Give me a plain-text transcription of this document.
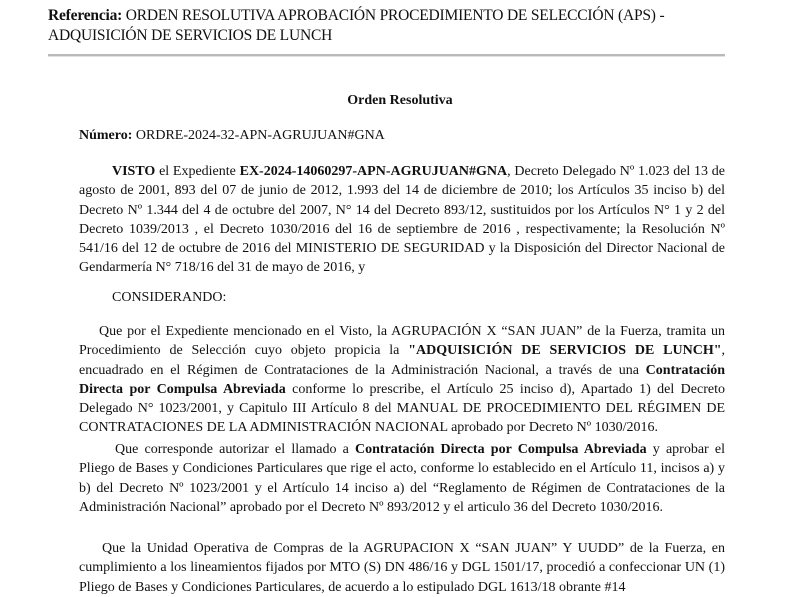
Referencia: ORDEN RESOLUTIVA APROBACIÓN PROCEDIMIENTO DE SELECCIÓN (APS) - ADQUISICIÓN DE SERVICIOS DE LUNCH
Orden Resolutiva
Número: ORDRE-2024-32-APN-AGRUJUAN#GNA
VISTO el Expediente EX-2024-14060297-APN-AGRUJUAN#GNA, Decreto Delegado Nº 1.023 del 13 de agosto de 2001, 893 del 07 de junio de 2012, 1.993 del 14 de diciembre de 2010; los Artículos 35 inciso b) del Decreto Nº 1.344 del 4 de octubre del 2007, N° 14 del Decreto 893/12, sustituidos por los Artículos N° 1 y 2 del Decreto 1039/2013 , el Decreto 1030/2016 del 16 de septiembre de 2016 , respectivamente; la Resolución Nº 541/16 del 12 de octubre de 2016 del MINISTERIO DE SEGURIDAD y la Disposición del Director Nacional de Gendarmería N° 718/16 del 31 de mayo de 2016, y
CONSIDERANDO:
Que por el Expediente mencionado en el Visto, la AGRUPACIÓN X “SAN JUAN” de la Fuerza, tramita un Procedimiento de Selección cuyo objeto propicia la "ADQUISICIÓN DE SERVICIOS DE LUNCH", encuadrado en el Régimen de Contrataciones de la Administración Nacional, a través de una Contratación Directa por Compulsa Abreviada conforme lo prescribe, el Artículo 25 inciso d), Apartado 1) del Decreto Delegado N° 1023/2001, y Capitulo III Artículo 8 del MANUAL DE PROCEDIMIENTO DEL RÉGIMEN DE CONTRATACIONES DE LA ADMINISTRACIÓN NACIONAL aprobado por Decreto Nº 1030/2016.
Que corresponde autorizar el llamado a Contratación Directa por Compulsa Abreviada y aprobar el Pliego de Bases y Condiciones Particulares que rige el acto, conforme lo establecido en el Artículo 11, incisos a) y b) del Decreto Nº 1023/2001 y el Artículo 14 inciso a) del “Reglamento de Régimen de Contrataciones de la Administración Nacional” aprobado por el Decreto Nº 893/2012 y el articulo 36 del Decreto 1030/2016.
Que la Unidad Operativa de Compras de la AGRUPACION X “SAN JUAN” Y UUDD” de la Fuerza, en cumplimiento a los lineamientos fijados por MTO (S) DN 486/16 y DGL 1501/17, procedió a confeccionar UN (1) Pliego de Bases y Condiciones Particulares, de acuerdo a lo estipulado DGL 1613/18 obrante #14
